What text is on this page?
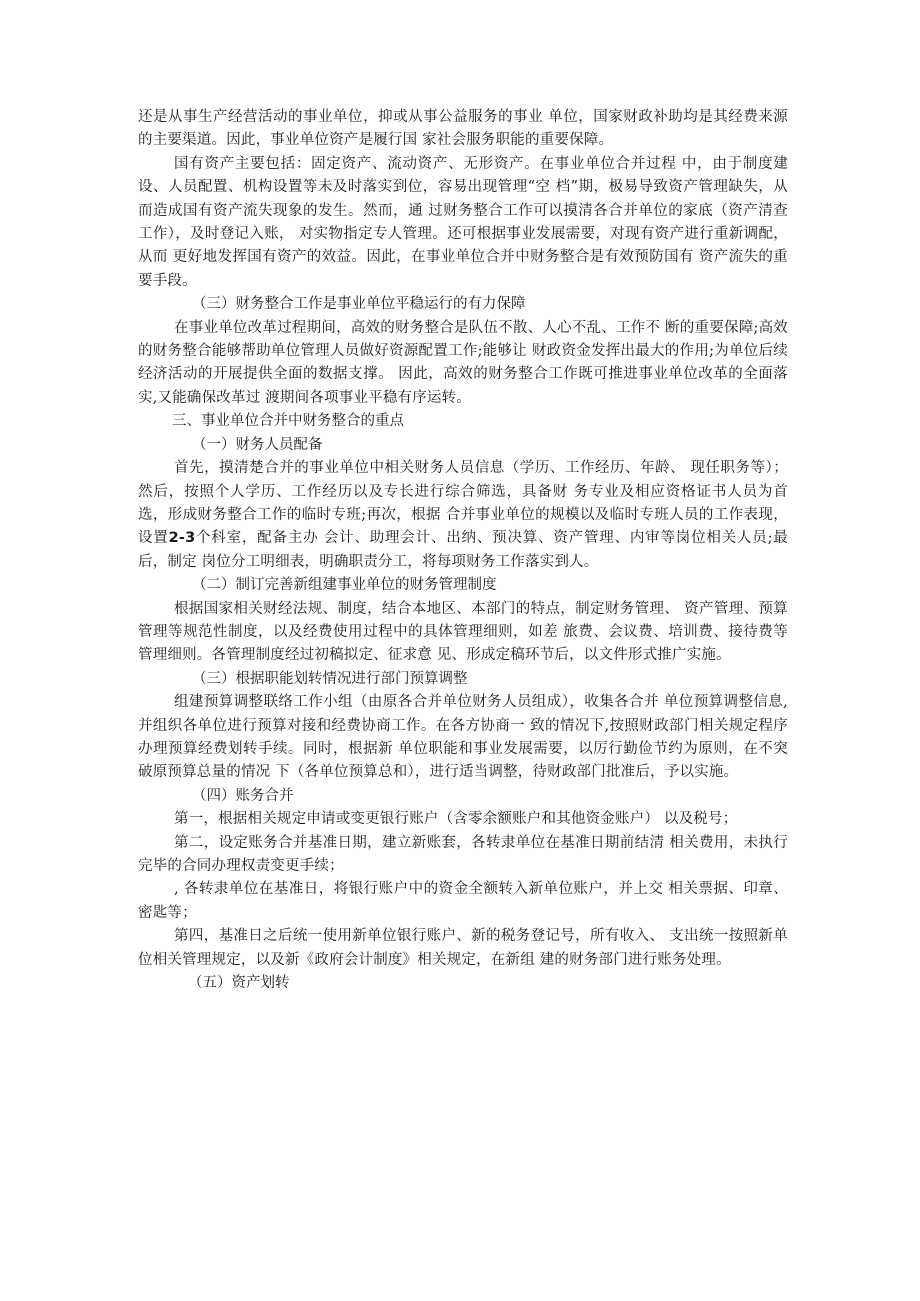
还是从事生产经营活动的事业单位，抑或从事公益服务的事业 单位，国家财政补助均是其经费来源的主要渠道。因此，事业单位资产是履行国 家社会服务职能的重要保障。

国有资产主要包括：固定资产、流动资产、无形资产。在事业单位合并过程 中，由于制度建设、人员配置、机构设置等未及时落实到位，容易出现管理“空 档”期，极易导致资产管理缺失，从而造成国有资产流失现象的发生。然而，通 过财务整合工作可以摸清各合并单位的家底（资产清查工作），及时登记入账， 对实物指定专人管理。还可根据事业发展需要，对现有资产进行重新调配，从而 更好地发挥国有资产的效益。因此，在事业单位合并中财务整合是有效预防国有 资产流失的重要手段。

（三）财务整合工作是事业单位平稳运行的有力保障

在事业单位改革过程期间，高效的财务整合是队伍不散、人心不乱、工作不 断的重要保障;高效的财务整合能够帮助单位管理人员做好资源配置工作;能够让 财政资金发挥出最大的作用;为单位后续经济活动的开展提供全面的数据支撑。 因此，高效的财务整合工作既可推进事业单位改革的全面落实,又能确保改革过 渡期间各项事业平稳有序运转。

三、事业单位合并中财务整合的重点

（一）财务人员配备

首先，摸清楚合并的事业单位中相关财务人员信息（学历、工作经历、年龄、 现任职务等）；然后，按照个人学历、工作经历以及专长进行综合筛选，具备财 务专业及相应资格证书人员为首选，形成财务整合工作的临时专班;再次，根据 合并事业单位的规模以及临时专班人员的工作表现，设置2-3个科室，配备主办 会计、助理会计、出纳、预决算、资产管理、内审等岗位相关人员;最后，制定 岗位分工明细表，明确职责分工，将每项财务工作落实到人。

（二）制订完善新组建事业单位的财务管理制度

根据国家相关财经法规、制度，结合本地区、本部门的特点，制定财务管理、 资产管理、预算管理等规范性制度，以及经费使用过程中的具体管理细则，如差 旅费、会议费、培训费、接待费等管理细则。各管理制度经过初稿拟定、征求意 见、形成定稿环节后，以文件形式推广实施。

（三）根据职能划转情况进行部门预算调整

组建预算调整联络工作小组（由原各合并单位财务人员组成），收集各合并 单位预算调整信息,并组织各单位进行预算对接和经费协商工作。在各方协商一 致的情况下,按照财政部门相关规定程序办理预算经费划转手续。同时，根据新 单位职能和事业发展需要，以厉行勤俭节约为原则，在不突破原预算总量的情况 下（各单位预算总和），进行适当调整，待财政部门批准后，予以实施。

（四）账务合并

第一，根据相关规定申请或变更银行账户（含零余额账户和其他资金账户） 以及税号；

第二，设定账务合并基准日期，建立新账套，各转隶单位在基准日期前结清 相关费用，未执行完毕的合同办理权责变更手续；

, 各转隶单位在基准日，将银行账户中的资金全额转入新单位账户，并上交 相关票据、印章、密匙等；

第四，基准日之后统一使用新单位银行账户、新的税务登记号，所有收入、 支出统一按照新单位相关管理规定，以及新《政府会计制度》相关规定，在新组 建的财务部门进行账务处理。

（五）资产划转
